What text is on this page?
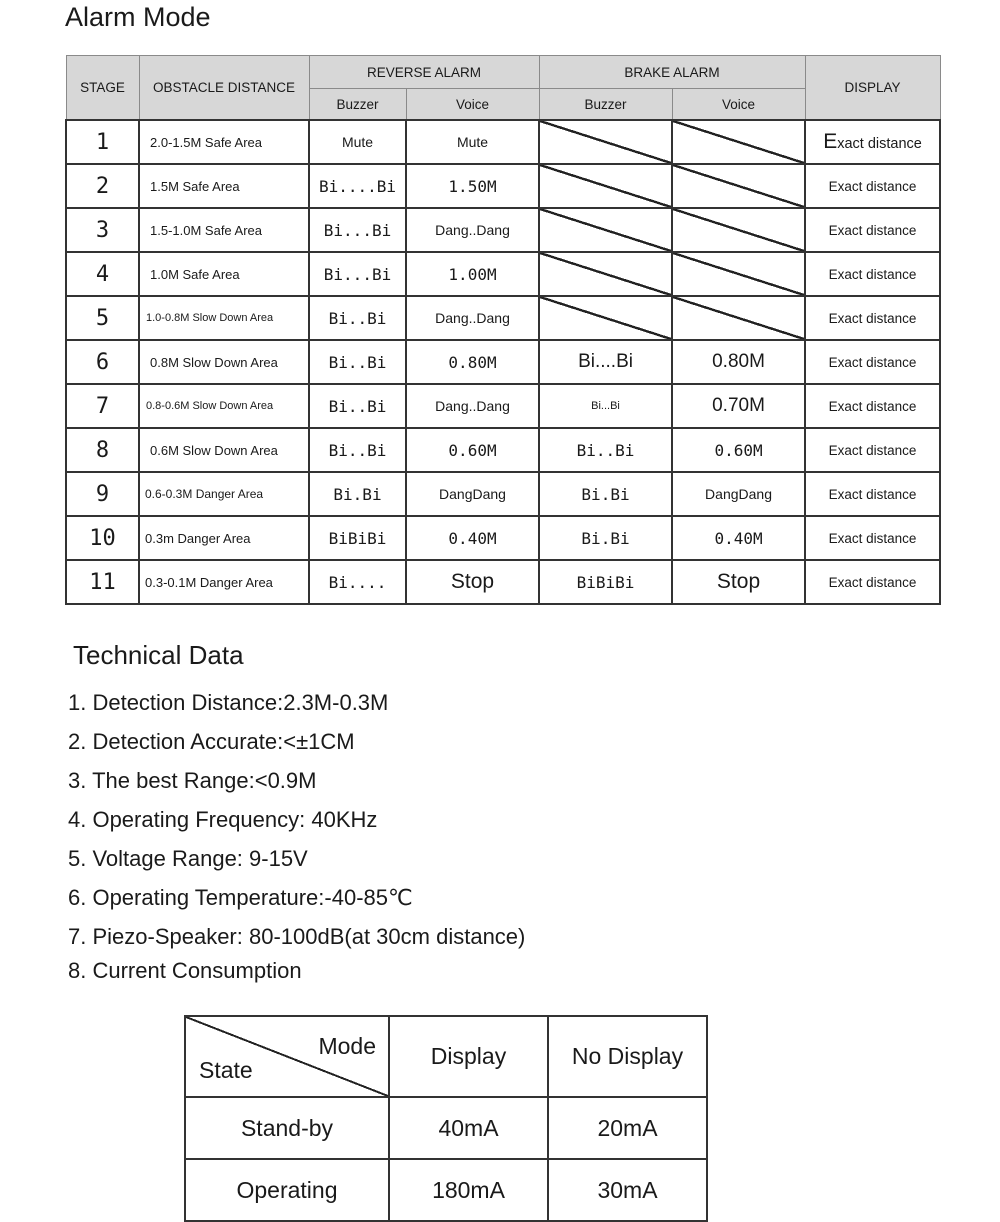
Alarm Mode
STAGE	OBSTACLE DISTANCE	REVERSE ALARM		BRAKE ALARM		DISPLAY
		Buzzer	Voice	Buzzer	Voice	
1	2.0-1.5M Safe Area	Mute	Mute			Exact distance
2	1.5M Safe Area	Bi....Bi	1.50M			Exact distance
3	1.5-1.0M Safe Area	Bi...Bi	Dang..Dang			Exact distance
4	1.0M Safe Area	Bi...Bi	1.00M			Exact distance
5	1.0-0.8M Slow Down Area	Bi..Bi	Dang..Dang			Exact distance
6	0.8M Slow Down Area	Bi..Bi	0.80M	Bi....Bi	0.80M	Exact distance
7	0.8-0.6M Slow Down Area	Bi..Bi	Dang..Dang	Bi...Bi	0.70M	Exact distance
8	0.6M Slow Down Area	Bi..Bi	0.60M	Bi..Bi	0.60M	Exact distance
9	0.6-0.3M Danger Area	Bi.Bi	DangDang	Bi.Bi	DangDang	Exact distance
10	0.3m Danger Area	BiBiBi	0.40M	Bi.Bi	0.40M	Exact distance
11	0.3-0.1M Danger Area	Bi....	Stop	BiBiBi	Stop	Exact distance
Technical Data
1. Detection Distance:2.3M-0.3M
2. Detection Accurate:<±1CM
3. The best Range:<0.9M
4. Operating Frequency: 40KHz
5. Voltage Range: 9-15V
6. Operating Temperature:-40-85℃
7. Piezo-Speaker: 80-100dB(at 30cm distance)
8. Current Consumption
Mode
State	Display	No Display
Stand-by	40mA	20mA
Operating	180mA	30mA
